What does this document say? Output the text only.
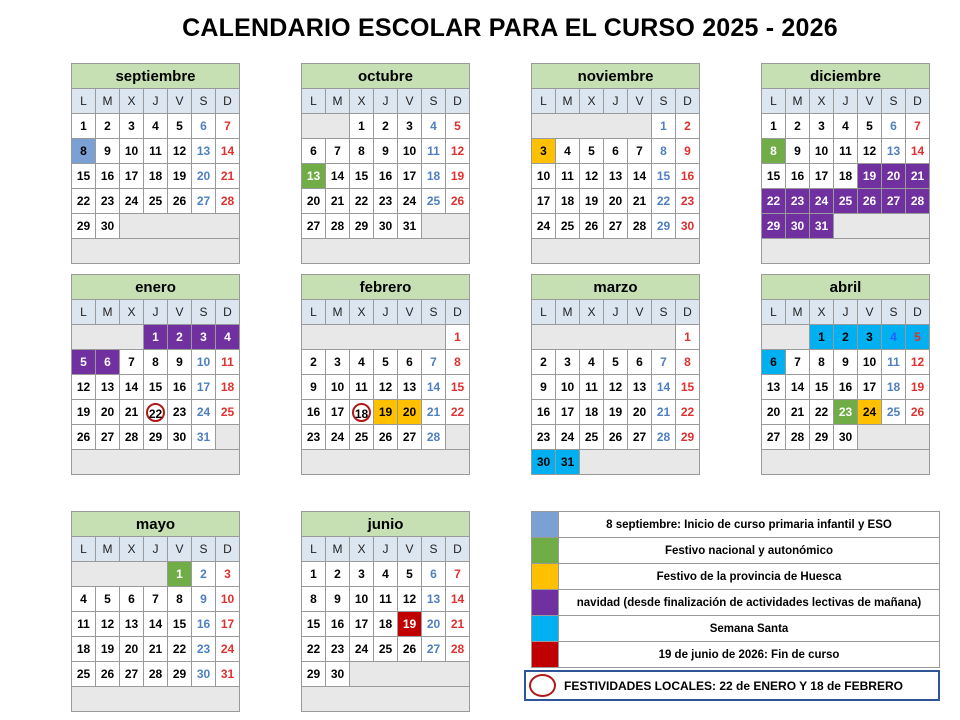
CALENDARIO ESCOLAR PARA EL CURSO 2025 - 2026
septiembre						
L	M	X	J	V	S	D
1	2	3	4	5	6	7
8	9	10	11	12	13	14
15	16	17	18	19	20	21
22	23	24	25	26	27	28
29	30					

octubre						
L	M	X	J	V	S	D
		1	2	3	4	5
6	7	8	9	10	11	12
13	14	15	16	17	18	19
20	21	22	23	24	25	26
27	28	29	30	31		

noviembre						
L	M	X	J	V	S	D
					1	2
3	4	5	6	7	8	9
10	11	12	13	14	15	16
17	18	19	20	21	22	23
24	25	26	27	28	29	30

diciembre						
L	M	X	J	V	S	D
1	2	3	4	5	6	7
8	9	10	11	12	13	14
15	16	17	18	19	20	21
22	23	24	25	26	27	28
29	30	31				

enero						
L	M	X	J	V	S	D
			1	2	3	4
5	6	7	8	9	10	11
12	13	14	15	16	17	18
19	20	21	22	23	24	25
26	27	28	29	30	31	

febrero						
L	M	X	J	V	S	D
						1
2	3	4	5	6	7	8
9	10	11	12	13	14	15
16	17	18	19	20	21	22
23	24	25	26	27	28	

marzo						
L	M	X	J	V	S	D
						1
2	3	4	5	6	7	8
9	10	11	12	13	14	15
16	17	18	19	20	21	22
23	24	25	26	27	28	29
30	31					
abril						
L	M	X	J	V	S	D
		1	2	3	4	5
6	7	8	9	10	11	12
13	14	15	16	17	18	19
20	21	22	23	24	25	26
27	28	29	30			

mayo						
L	M	X	J	V	S	D
				1	2	3
4	5	6	7	8	9	10
11	12	13	14	15	16	17
18	19	20	21	22	23	24
25	26	27	28	29	30	31

junio						
L	M	X	J	V	S	D
1	2	3	4	5	6	7
8	9	10	11	12	13	14
15	16	17	18	19	20	21
22	23	24	25	26	27	28
29	30					

	8 septiembre: Inicio de curso primaria infantil y ESO
	Festivo nacional y autonómico
	Festivo de la provincia de Huesca
	navidad (desde finalización de actividades lectivas de mañana)
	Semana Santa
	19 de junio de 2026: Fin de curso
FESTIVIDADES LOCALES: 22 de ENERO Y 18 de FEBRERO
